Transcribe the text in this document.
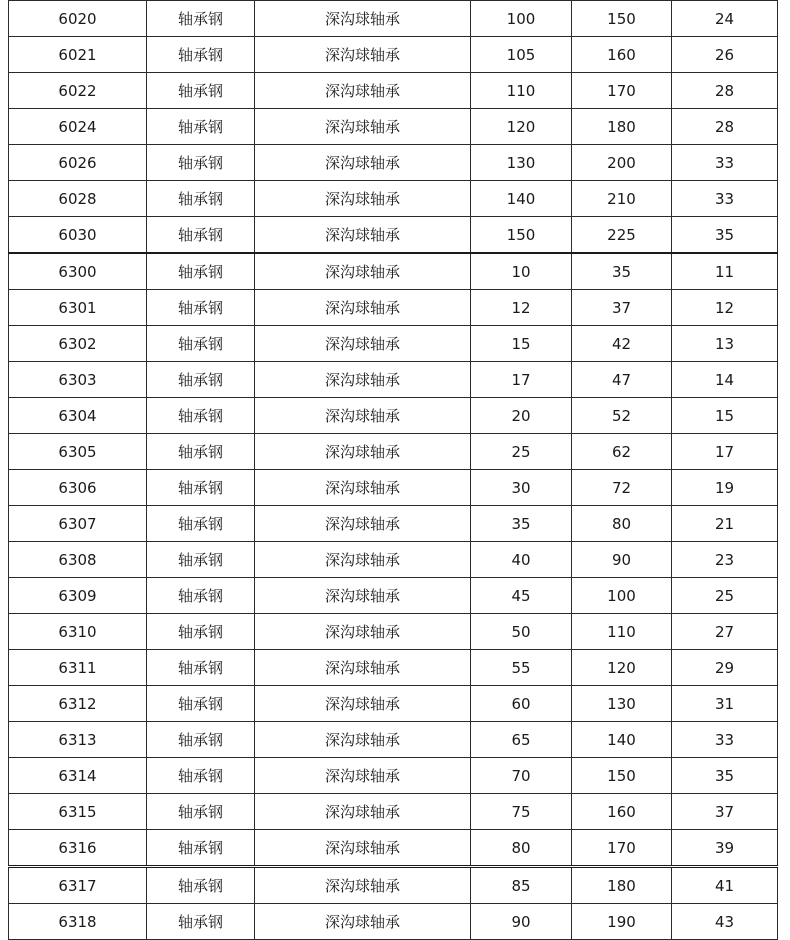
6020	轴承钢	深沟球轴承	100	150	24
6021	轴承钢	深沟球轴承	105	160	26
6022	轴承钢	深沟球轴承	110	170	28
6024	轴承钢	深沟球轴承	120	180	28
6026	轴承钢	深沟球轴承	130	200	33
6028	轴承钢	深沟球轴承	140	210	33
6030	轴承钢	深沟球轴承	150	225	35
6300	轴承钢	深沟球轴承	10	35	11
6301	轴承钢	深沟球轴承	12	37	12
6302	轴承钢	深沟球轴承	15	42	13
6303	轴承钢	深沟球轴承	17	47	14
6304	轴承钢	深沟球轴承	20	52	15
6305	轴承钢	深沟球轴承	25	62	17
6306	轴承钢	深沟球轴承	30	72	19
6307	轴承钢	深沟球轴承	35	80	21
6308	轴承钢	深沟球轴承	40	90	23
6309	轴承钢	深沟球轴承	45	100	25
6310	轴承钢	深沟球轴承	50	110	27
6311	轴承钢	深沟球轴承	55	120	29
6312	轴承钢	深沟球轴承	60	130	31
6313	轴承钢	深沟球轴承	65	140	33
6314	轴承钢	深沟球轴承	70	150	35
6315	轴承钢	深沟球轴承	75	160	37
6316	轴承钢	深沟球轴承	80	170	39
6317	轴承钢	深沟球轴承	85	180	41
6318	轴承钢	深沟球轴承	90	190	43
